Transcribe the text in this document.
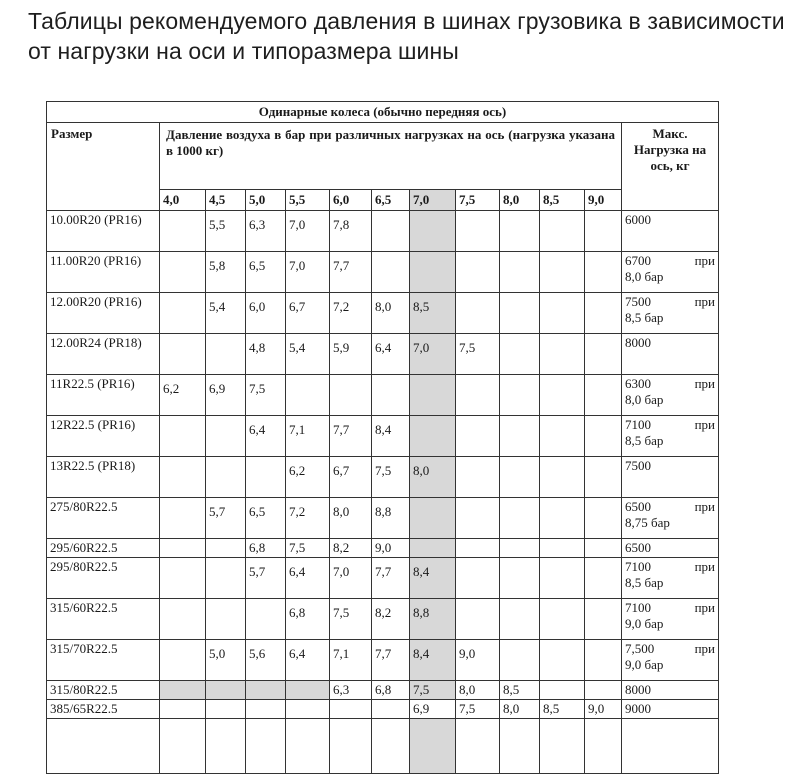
Таблицы рекомендуемого давления в шинах грузовика в зависимости от нагрузки на оси и типоразмера шины
Одинарные колеса (обычно передняя ось)												
Размер	Давление воздуха в бар при различных нагрузках на ось (нагрузка указана в 1000 кг)											Макс. Нагрузка на ось, кг
	4,0	4,5	5,0	5,5	6,0	6,5	7,0	7,5	8,0	8,5	9,0	
10.00R20 (PR16)		5,5	6,3	7,0	7,8							6000

11.00R20 (PR16)		5,8	6,5	7,0	7,7							6700 при
8,0 бар

12.00R20 (PR16)		5,4	6,0	6,7	7,2	8,0	8,5					7500 при
8,5 бар

12.00R24 (PR18)			4,8	5,4	5,9	6,4	7,0	7,5				8000

11R22.5 (PR16)	6,2	6,9	7,5									6300 при
8,0 бар

12R22.5 (PR16)			6,4	7,1	7,7	8,4						7100 при
8,5 бар

13R22.5 (PR18)				6,2	6,7	7,5	8,0					7500

275/80R22.5		5,7	6,5	7,2	8,0	8,8						6500 при
8,75 бар

295/60R22.5			6,8	7,5	8,2	9,0						6500

295/80R22.5			5,7	6,4	7,0	7,7	8,4					7100 при
8,5 бар

315/60R22.5				6,8	7,5	8,2	8,8					7100 при
9,0 бар

315/70R22.5		5,0	5,6	6,4	7,1	7,7	8,4	9,0				7,500 при
9,0 бар

315/80R22.5					6,3	6,8	7,5	8,0	8,5			8000

385/65R22.5							6,9	7,5	8,0	8,5	9,0	9000
